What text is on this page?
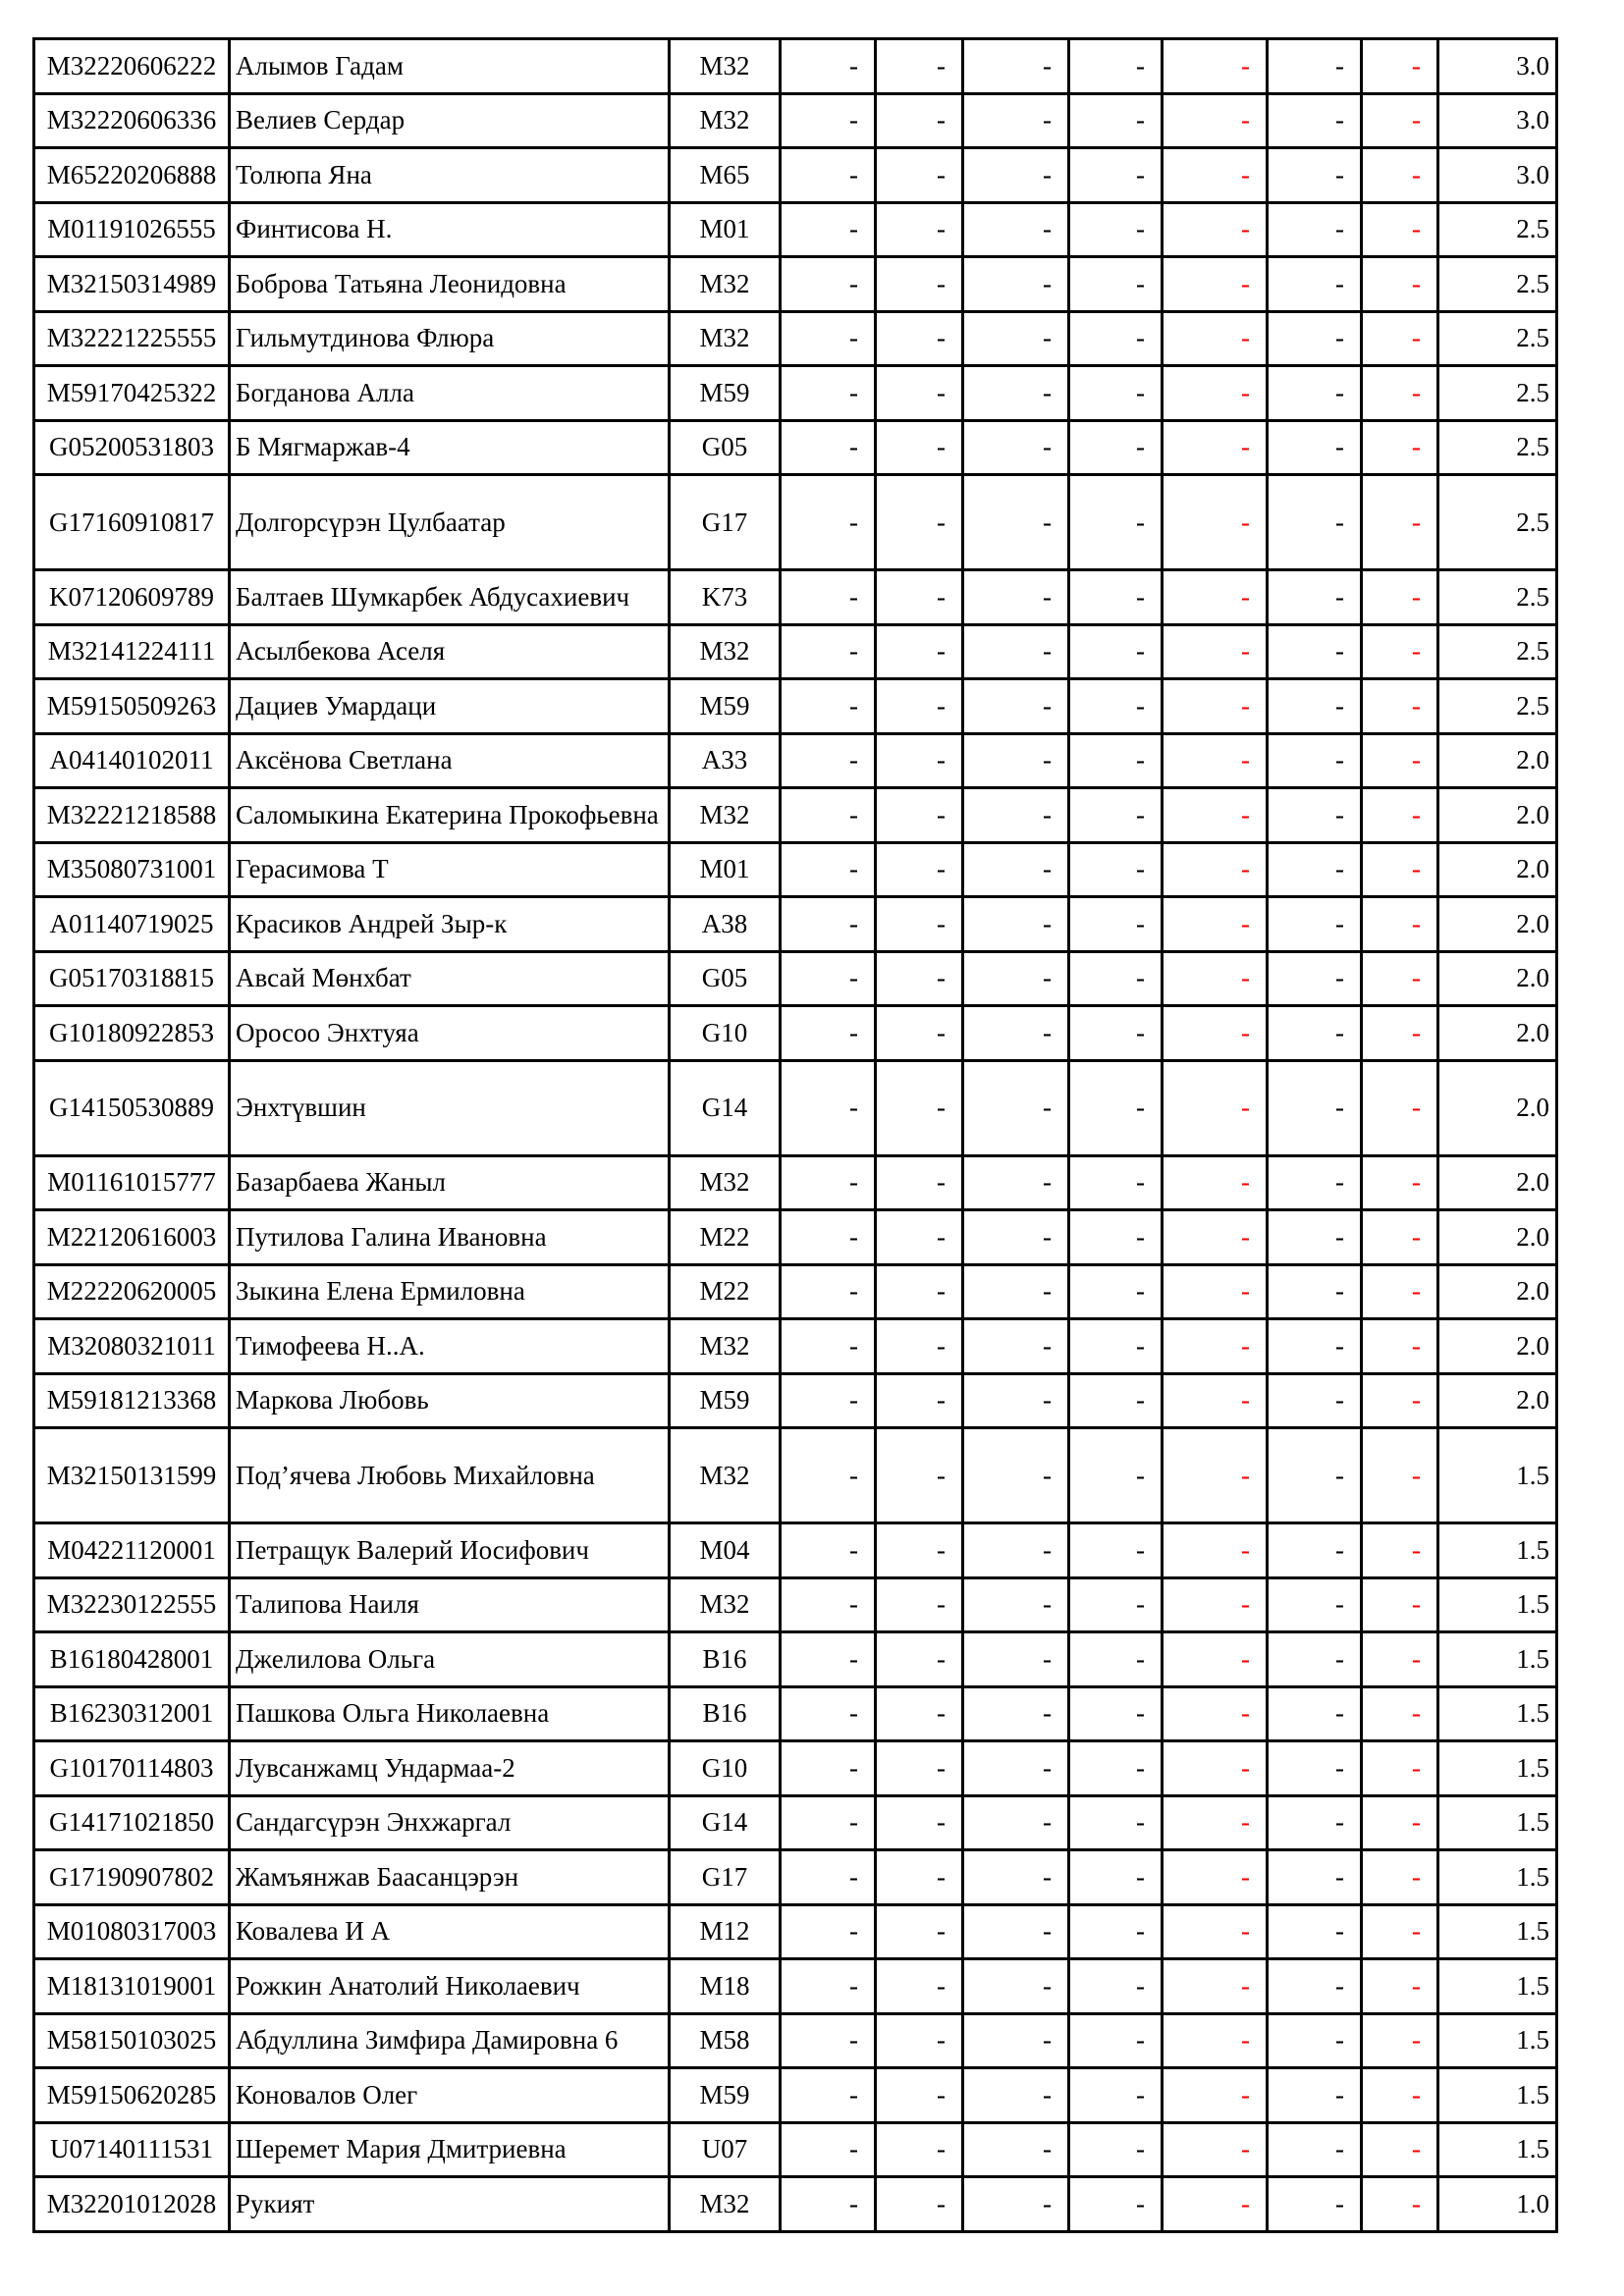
M32220606222	Алымов Гадам	M32	-	-	-	-	-	-	-	3.0
M32220606336	Велиев Сердар	M32	-	-	-	-	-	-	-	3.0
M65220206888	Толюпа Яна	M65	-	-	-	-	-	-	-	3.0
M01191026555	Финтисова Н.	M01	-	-	-	-	-	-	-	2.5
M32150314989	Боброва Татьяна Леонидовна	M32	-	-	-	-	-	-	-	2.5
M32221225555	Гильмутдинова Флюра	M32	-	-	-	-	-	-	-	2.5
M59170425322	Богданова Алла	M59	-	-	-	-	-	-	-	2.5
G05200531803	Б Мягмаржав-4	G05	-	-	-	-	-	-	-	2.5
G17160910817	Долгорсүрэн Цулбаатар	G17	-	-	-	-	-	-	-	2.5
K07120609789	Балтаев Шумкарбек Абдусахиевич	K73	-	-	-	-	-	-	-	2.5
M32141224111	Асылбекова Аселя	M32	-	-	-	-	-	-	-	2.5
M59150509263	Дациев Умардаци	M59	-	-	-	-	-	-	-	2.5
A04140102011	Аксёнова Светлана	A33	-	-	-	-	-	-	-	2.0
M32221218588	Саломыкина Екатерина Прокофьевна	M32	-	-	-	-	-	-	-	2.0
M35080731001	Герасимова Т	M01	-	-	-	-	-	-	-	2.0
A01140719025	Красиков Андрей Зыр-к	A38	-	-	-	-	-	-	-	2.0
G05170318815	Авсай Мөнхбат	G05	-	-	-	-	-	-	-	2.0
G10180922853	Оросоо Энхтуяа	G10	-	-	-	-	-	-	-	2.0
G14150530889	Энхтүвшин	G14	-	-	-	-	-	-	-	2.0
M01161015777	Базарбаева Жаныл	M32	-	-	-	-	-	-	-	2.0
M22120616003	Путилова Галина Ивановна	M22	-	-	-	-	-	-	-	2.0
M22220620005	Зыкина Елена Ермиловна	M22	-	-	-	-	-	-	-	2.0
M32080321011	Тимофеева Н..А.	M32	-	-	-	-	-	-	-	2.0
M59181213368	Маркова Любовь	M59	-	-	-	-	-	-	-	2.0
M32150131599	Под’ячева Любовь Михайловна	M32	-	-	-	-	-	-	-	1.5
M04221120001	Петращук Валерий Иосифович	M04	-	-	-	-	-	-	-	1.5
M32230122555	Талипова Наиля	M32	-	-	-	-	-	-	-	1.5
B16180428001	Джелилова Ольга	B16	-	-	-	-	-	-	-	1.5
B16230312001	Пашкова Ольга Николаевна	B16	-	-	-	-	-	-	-	1.5
G10170114803	Лувсанжамц Ундармаа-2	G10	-	-	-	-	-	-	-	1.5
G14171021850	Сандагсүрэн Энхжаргал	G14	-	-	-	-	-	-	-	1.5
G17190907802	Жамъянжав Баасанцэрэн	G17	-	-	-	-	-	-	-	1.5
M01080317003	Ковалева И А	M12	-	-	-	-	-	-	-	1.5
M18131019001	Рожкин Анатолий Николаевич	M18	-	-	-	-	-	-	-	1.5
M58150103025	Абдуллина Зимфира Дамировна 6	M58	-	-	-	-	-	-	-	1.5
M59150620285	Коновалов Олег	M59	-	-	-	-	-	-	-	1.5
U07140111531	Шеремет Мария Дмитриевна	U07	-	-	-	-	-	-	-	1.5
M32201012028	Рукият	M32	-	-	-	-	-	-	-	1.0
